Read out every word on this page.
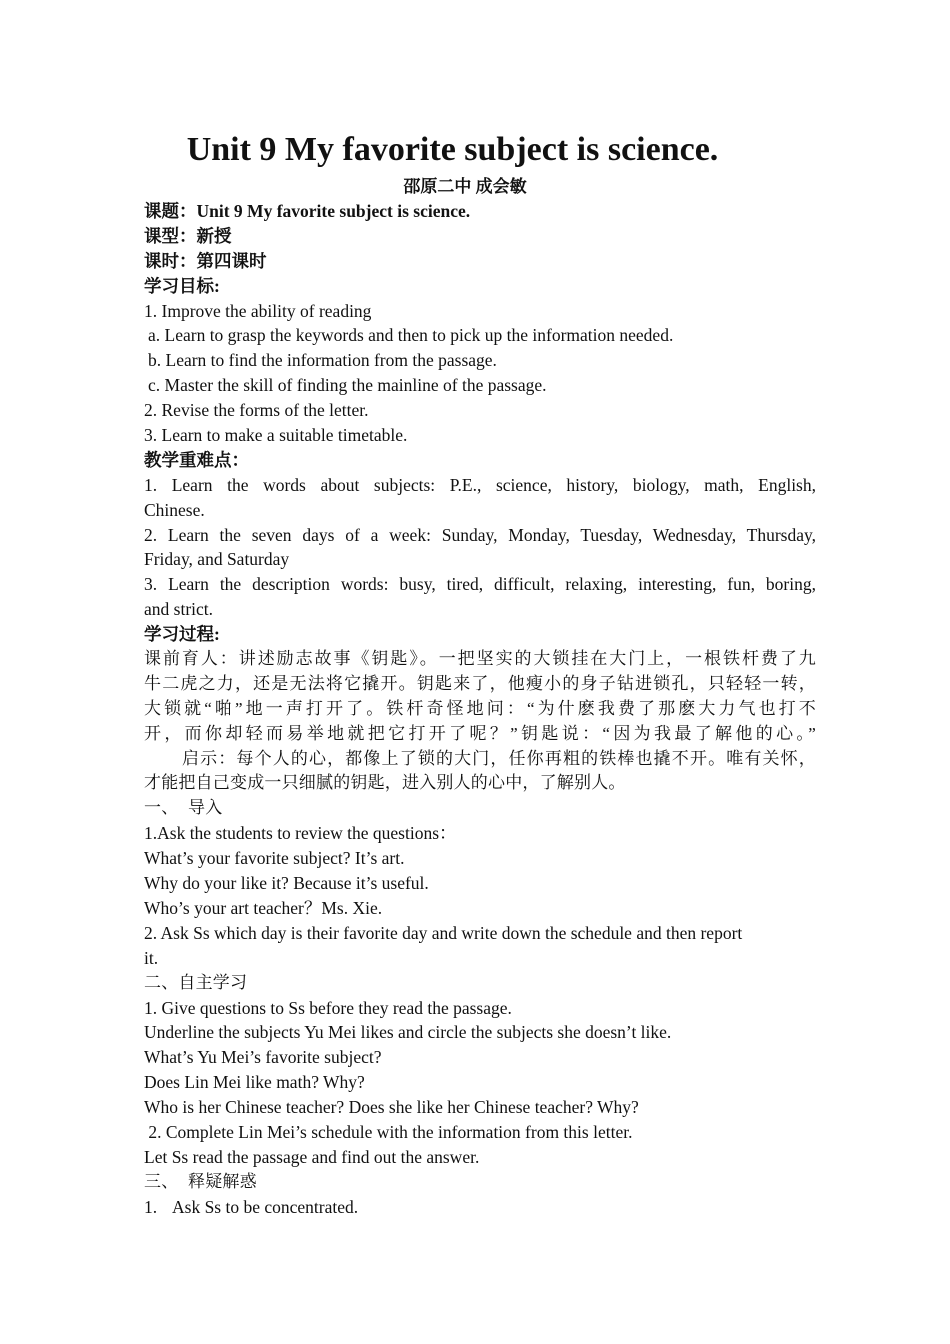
Unit 9 My favorite subject is science.
邵原二中 成会敏
课题：Unit 9 My favorite subject is science.
课型：新授
课时：第四课时
学习目标:
1. Improve the ability of reading
a. Learn to grasp the keywords and then to pick up the information needed.
b. Learn to find the information from the passage.
c. Master the skill of finding the mainline of the passage.
2. Revise the forms of the letter.
3. Learn to make a suitable timetable.
教学重难点：
1. Learn the words about subjects: P.E., science, history, biology, math, English,
Chinese.
2. Learn the seven days of a week: Sunday, Monday, Tuesday, Wednesday, Thursday,
Friday, and Saturday
3. Learn the description words: busy, tired, difficult, relaxing, interesting, fun, boring,
and strict.
学习过程:
课前育人：讲述励志故事《钥匙》。一把坚实的大锁挂在大门上，一根铁杆费了九
牛二虎之力，还是无法将它撬开。钥匙来了，他瘦小的身子钻进锁孔，只轻轻一转，
大锁就“啪”地一声打开了。铁杆奇怪地问：“为什麽我费了那麽大力气也打不
开，而你却轻而易举地就把它打开了呢？”钥匙说：“因为我最了解他的心。”
启示：每个人的心，都像上了锁的大门，任你再粗的铁棒也撬不开。唯有关怀，
才能把自己变成一只细腻的钥匙，进入别人的心中，了解别人。
一、 导入
1.Ask the students to review the questions：
What’s your favorite subject? It’s art.
Why do your like it? Because it’s useful.
Who’s your art teacher？Ms. Xie.
2. Ask Ss which day is their favorite day and write down the schedule and then report
it.
二、自主学习
1. Give questions to Ss before they read the passage.
Underline the subjects Yu Mei likes and circle the subjects she doesn’t like.
What’s Yu Mei’s favorite subject?
Does Lin Mei like math? Why?
Who is her Chinese teacher? Does she like her Chinese teacher? Why?
2. Complete Lin Mei’s schedule with the information from this letter.
Let Ss read the passage and find out the answer.
三、 释疑解惑
1. Ask Ss to be concentrated.
